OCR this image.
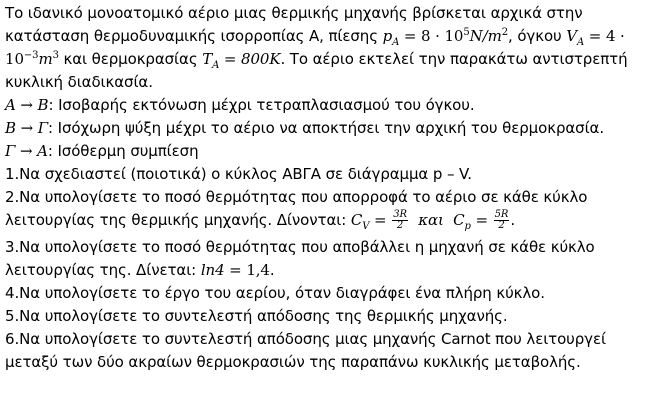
Το ιδανικό μονοατομικό αέριο μιας θερμικής μηχανής βρίσκεται αρχικά στην
κατάσταση θερμοδυναμικής ισορροπίας Α, πίεσης $p_A = 8 \cdot 10^5N/m^2$, όγκου $V_A = 4$ ·
$10^{-3}m^3$ και θερμοκρασίας $T_A = 800K$. Το αέριο εκτελεί την παρακάτω αντιστρεπτή
κυκλική διαδικασία.
A → B: Ισοβαρής εκτόνωση μέχρι τετραπλασιασμού του όγκου.
B → Γ: Ισόχωρη ψύξη μέχρι το αέριο να αποκτήσει την αρχική του θερμοκρασία.
Γ → A: Ισόθερμη συμπίεση
1.Να σχεδιαστεί (ποιοτικά) ο κύκλος ΑΒΓΑ σε διάγραμμα p – V.
2.Να υπολογίσετε το ποσό θερμότητας που απορροφά το αέριο σε κάθε κύκλο
λειτουργίας της θερμικής μηχανής. Δίνονται: $C_V = \frac{3R}{2}$ και  $C_p = \frac{5R}{2}$ .
3.Να υπολογίσετε το ποσό θερμότητας που αποβάλλει η μηχανή σε κάθε κύκλο
λειτουργίας της. Δίνεται: ln4 = 1,4.
4.Να υπολογίσετε το έργο του αερίου, όταν διαγράφει ένα πλήρη κύκλο.
5.Να υπολογίσετε το συντελεστή απόδοσης της θερμικής μηχανής.
6.Να υπολογίσετε το συντελεστή απόδοσης μιας μηχανής Carnot που λειτουργεί
μεταξύ των δύο ακραίων θερμοκρασιών της παραπάνω κυκλικής μεταβολής.
